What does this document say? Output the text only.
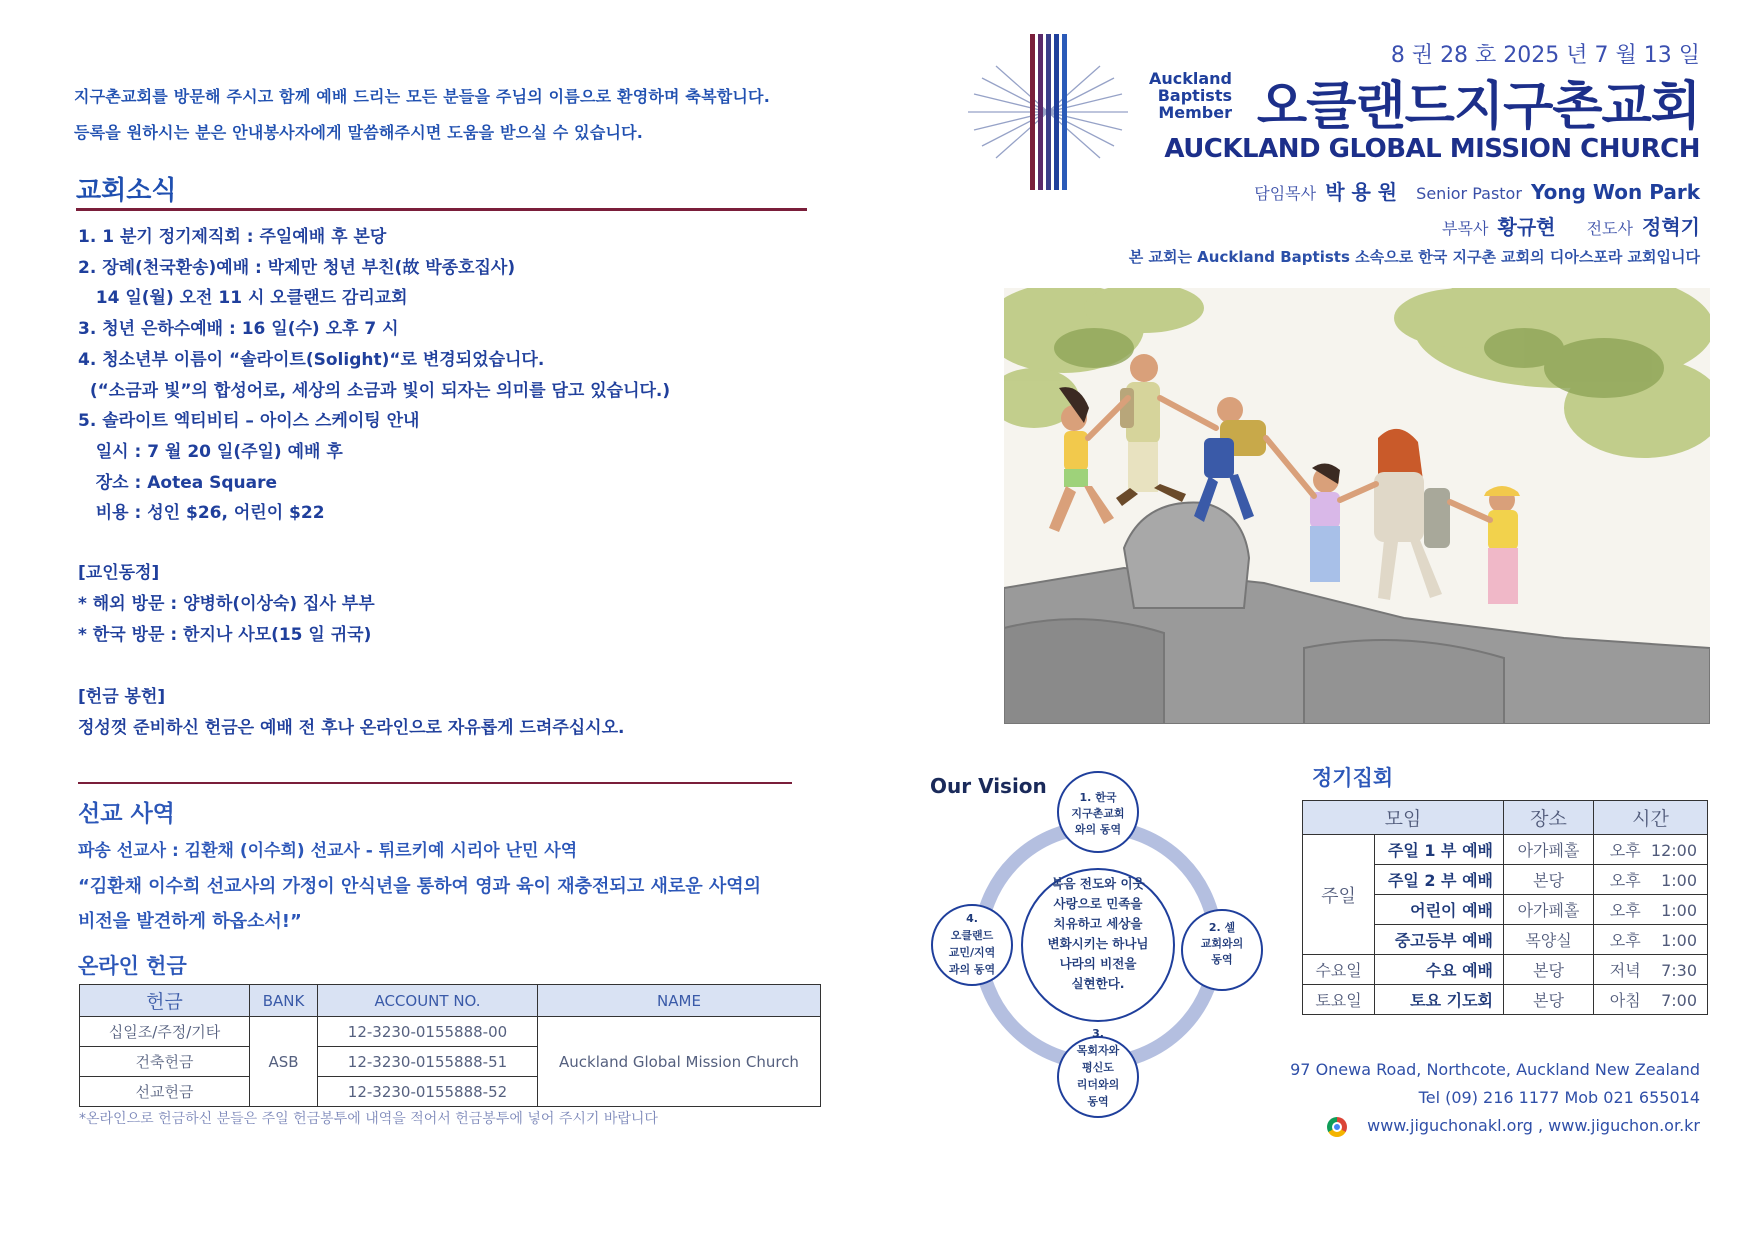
지구촌교회를 방문해 주시고 함께 예배 드리는 모든 분들을 주님의 이름으로 환영하며 축복합니다.
등록을 원하시는 분은 안내봉사자에게 말씀해주시면 도움을 받으실 수 있습니다.
교회소식
1. 1 분기 정기제직회 : 주일예배 후 본당
2. 장례(천국환송)예배 : 박제만 청년 부친(故 박종호집사)
14 일(월) 오전 11 시 오클랜드 감리교회
3. 청년 은하수예배 : 16 일(수) 오후 7 시
4. 청소년부 이름이 “솔라이트(Solight)“로 변경되었습니다.
(“소금과 빛”의 합성어로, 세상의 소금과 빛이 되자는 의미를 담고 있습니다.)
5. 솔라이트 엑티비티 – 아이스 스케이팅 안내
일시 : 7 월 20 일(주일) 예배 후
장소 : Aotea Square
비용 : 성인 $26, 어린이 $22
[교인동정]
* 해외 방문 : 양병하(이상숙) 집사 부부
* 한국 방문 : 한지나 사모(15 일 귀국)
[헌금 봉헌]
정성껏 준비하신 헌금은 예배 전 후나 온라인으로 자유롭게 드려주십시오.
선교 사역
파송 선교사 : 김환채 (이수희) 선교사 - 튀르키예 시리아 난민 사역
“김환채 이수희 선교사의 가정이 안식년을 통하여 영과 육이 재충전되고 새로운 사역의
비전을 발견하게 하옵소서!”
온라인 헌금
헌금	BANK	ACCOUNT NO.	NAME
십일조/주정/기타	ASB	12-3230-0155888-00	Auckland Global Mission Church
건축헌금		12-3230-0155888-51	
선교헌금		12-3230-0155888-52	
*온라인으로 헌금하신 분들은 주일 헌금봉투에 내역을 적어서 헌금봉투에 넣어 주시기 바랍니다
Auckland
Baptists
Member
8 권 28 호 2025 년 7 월 13 일
오클랜드지구촌교회
AUCKLAND GLOBAL MISSION CHURCH
담임목사 박 용 원 Senior Pastor Yong Won Park
부목사 황규현 전도사 정혁기
본 교회는 Auckland Baptists 소속으로 한국 지구촌 교회의 디아스포라 교회입니다
Our Vision
복음 전도와 이웃
사랑으로 민족을
치유하고 세상을
변화시키는 하나님
나라의 비전을
실현한다.
1. 한국
지구촌교회
와의 동역
2. 셀
교회와의
동역
3.
목회자와
평신도
리더와의
동역
4.
오클랜드
교민/지역
과의 동역
정기집회
모임		장소	시간
주일	주일 1 부 예배	아가페홀	오후 12:00
	주일 2 부 예배	본당	오후 1:00
	어린이 예배	아가페홀	오후 1:00
	중고등부 예배	목양실	오후 1:00
수요일	수요 예배	본당	저녁 7:30
토요일	토요 기도회	본당	아침 7:00
97 Onewa Road, Northcote, Auckland New Zealand
Tel (09) 216 1177 Mob 021 655014
www.jiguchonakl.org , www.jiguchon.or.kr
